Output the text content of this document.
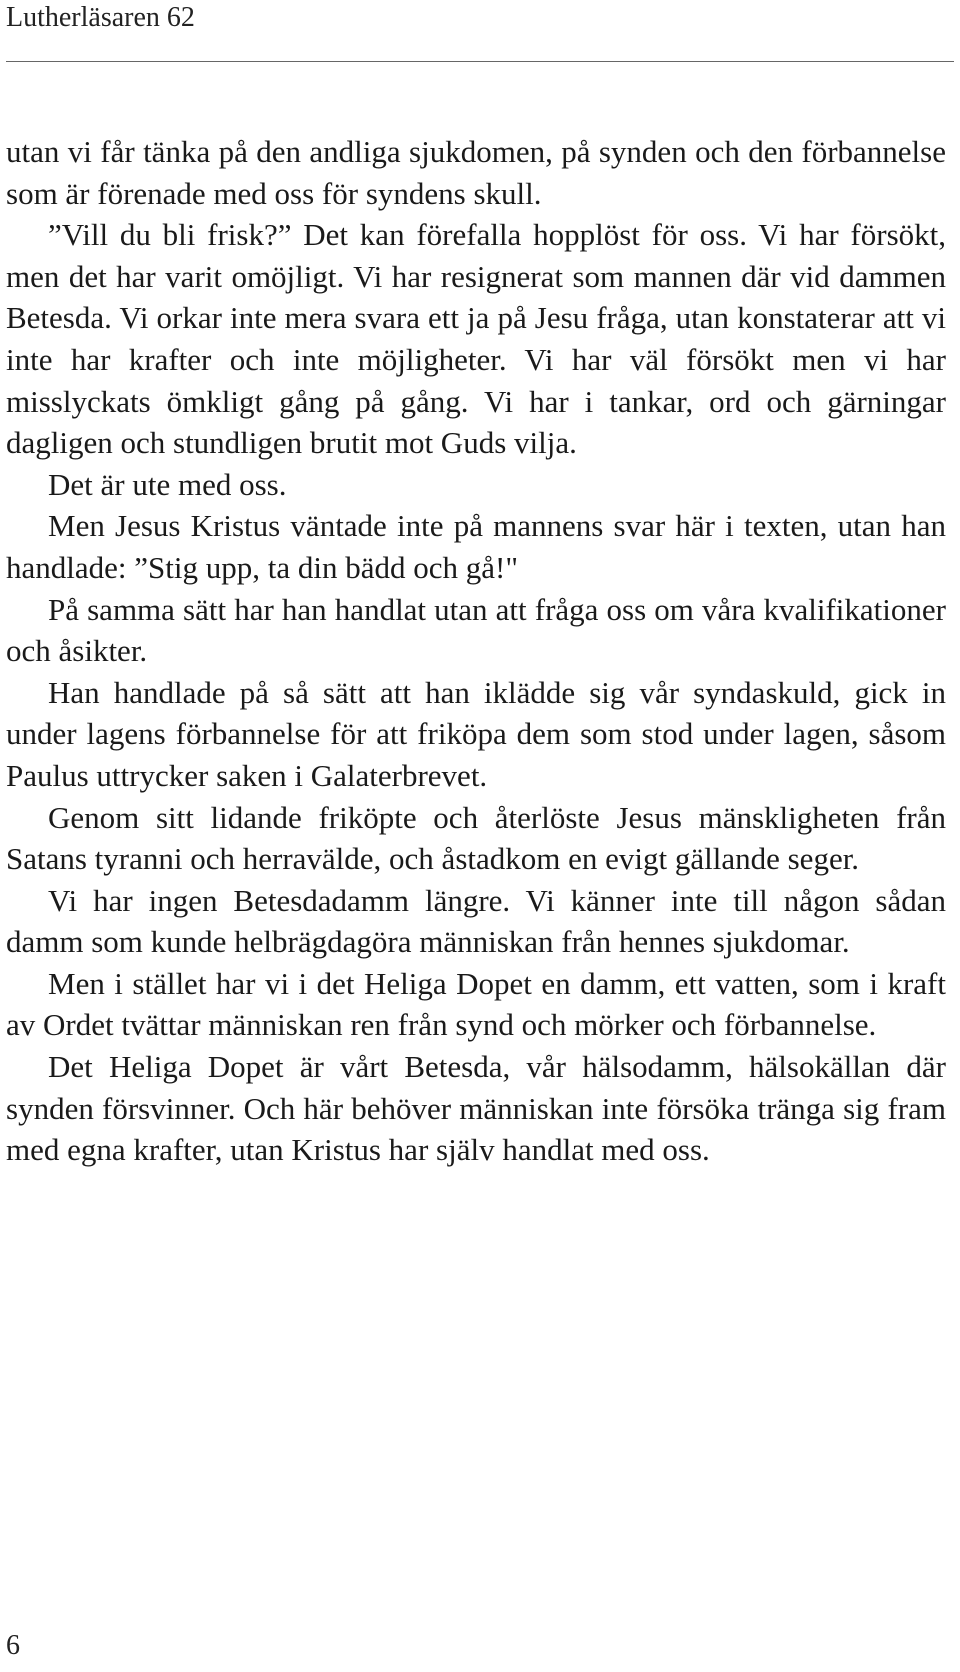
Lutherläsaren 62

utan vi får tänka på den andliga sjukdomen, på synden och den förbannelse som är förenade med oss för syndens skull.

”Vill du bli frisk?” Det kan förefalla hopplöst för oss. Vi har försökt, men det har varit omöjligt. Vi har resignerat som mannen där vid dammen Betesda. Vi orkar inte mera svara ett ja på Jesu fråga, utan konstaterar att vi inte har krafter och inte möjligheter. Vi har väl försökt men vi har misslyckats ömkligt gång på gång. Vi har i tankar, ord och gärningar dagligen och stundligen brutit mot Guds vilja.

Det är ute med oss.

Men Jesus Kristus väntade inte på mannens svar här i texten, utan han handlade: ”Stig upp, ta din bädd och gå!"

På samma sätt har han handlat utan att fråga oss om våra kvalifikationer och åsikter.

Han handlade på så sätt att han iklädde sig vår syndaskuld, gick in under lagens förbannelse för att friköpa dem som stod under lagen, såsom Paulus uttrycker saken i Galaterbrevet.

Genom sitt lidande friköpte och återlöste Jesus mänskligheten från Satans tyranni och herravälde, och åstadkom en evigt gällande seger.

Vi har ingen Betesdadamm längre. Vi känner inte till någon sådan damm som kunde helbrägdagöra människan från hennes sjukdomar.

Men i stället har vi i det Heliga Dopet en damm, ett vatten, som i kraft av Ordet tvättar människan ren från synd och mörker och förbannelse.

Det Heliga Dopet är vårt Betesda, vår hälsodamm, hälsokällan där synden försvinner. Och här behöver människan inte försöka tränga sig fram med egna krafter, utan Kristus har själv handlat med oss.

6
